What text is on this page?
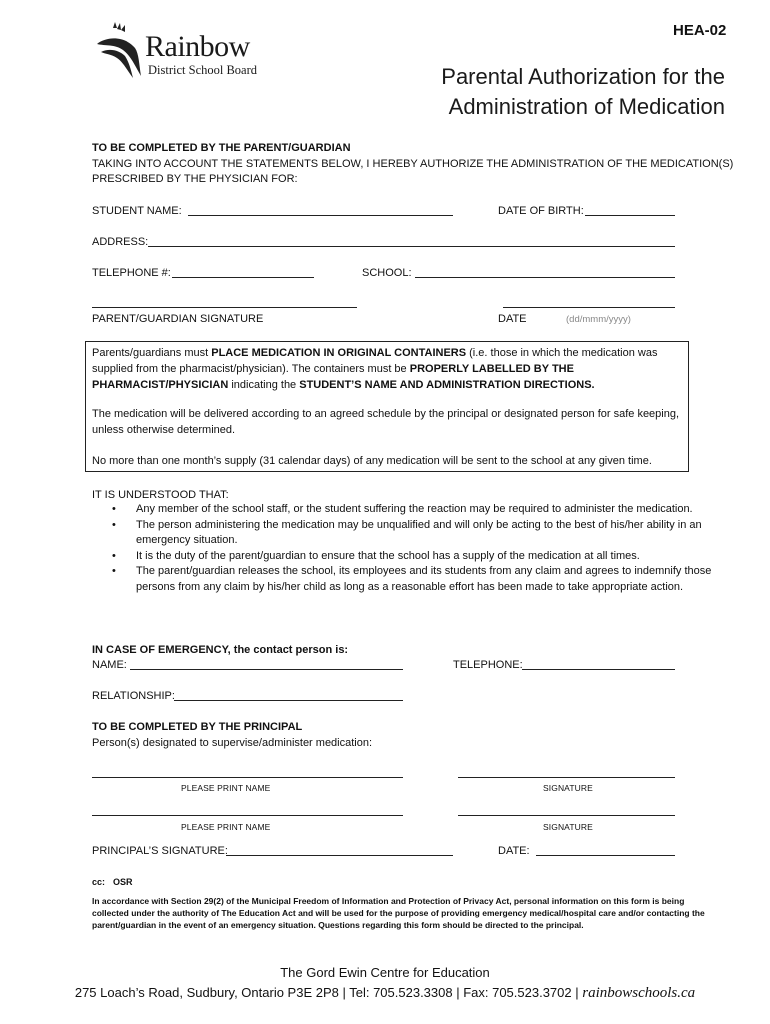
HEA-02
Rainbow
District School Board	Parental Authorization for the
Administration of Medication
TO BE COMPLETED BY THE PARENT/GUARDIAN
TAKING INTO ACCOUNT THE STATEMENTS BELOW, I HEREBY AUTHORIZE THE ADMINISTRATION OF THE MEDICATION(S)
PRESCRIBED BY THE PHYSICIAN FOR:
STUDENT NAME:	DATE OF BIRTH:
ADDRESS:
TELEPHONE #:	SCHOOL:
PARENT/GUARDIAN SIGNATURE	DATE	(dd/mmm/yyyy)
Parents/guardians must PLACE MEDICATION IN ORIGINAL CONTAINERS (i.e. those in which the medication was supplied from the pharmacist/physician). The containers must be PROPERLY LABELLED BY THE PHARMACIST/PHYSICIAN indicating the STUDENT’S NAME AND ADMINISTRATION DIRECTIONS.
The medication will be delivered according to an agreed schedule by the principal or designated person for safe keeping, unless otherwise determined.
No more than one month’s supply (31 calendar days) of any medication will be sent to the school at any given time.
IT IS UNDERSTOOD THAT:
• Any member of the school staff, or the student suffering the reaction may be required to administer the medication.
• The person administering the medication may be unqualified and will only be acting to the best of his/her ability in an emergency situation.
• It is the duty of the parent/guardian to ensure that the school has a supply of the medication at all times.
• The parent/guardian releases the school, its employees and its students from any claim and agrees to indemnify those persons from any claim by his/her child as long as a reasonable effort has been made to take appropriate action.
IN CASE OF EMERGENCY, the contact person is:
NAME:	TELEPHONE:
RELATIONSHIP:
TO BE COMPLETED BY THE PRINCIPAL
Person(s) designated to supervise/administer medication:
PLEASE PRINT NAME	SIGNATURE
PLEASE PRINT NAME	SIGNATURE
PRINCIPAL’S SIGNATURE:	DATE:
cc: OSR
In accordance with Section 29(2) of the Municipal Freedom of Information and Protection of Privacy Act, personal information on this form is being collected under the authority of The Education Act and will be used for the purpose of providing emergency medical/hospital care and/or contacting the parent/guardian in the event of an emergency situation. Questions regarding this form should be directed to the principal.
The Gord Ewin Centre for Education
275 Loach’s Road, Sudbury, Ontario P3E 2P8 | Tel: 705.523.3308 | Fax: 705.523.3702 | rainbowschools.ca
